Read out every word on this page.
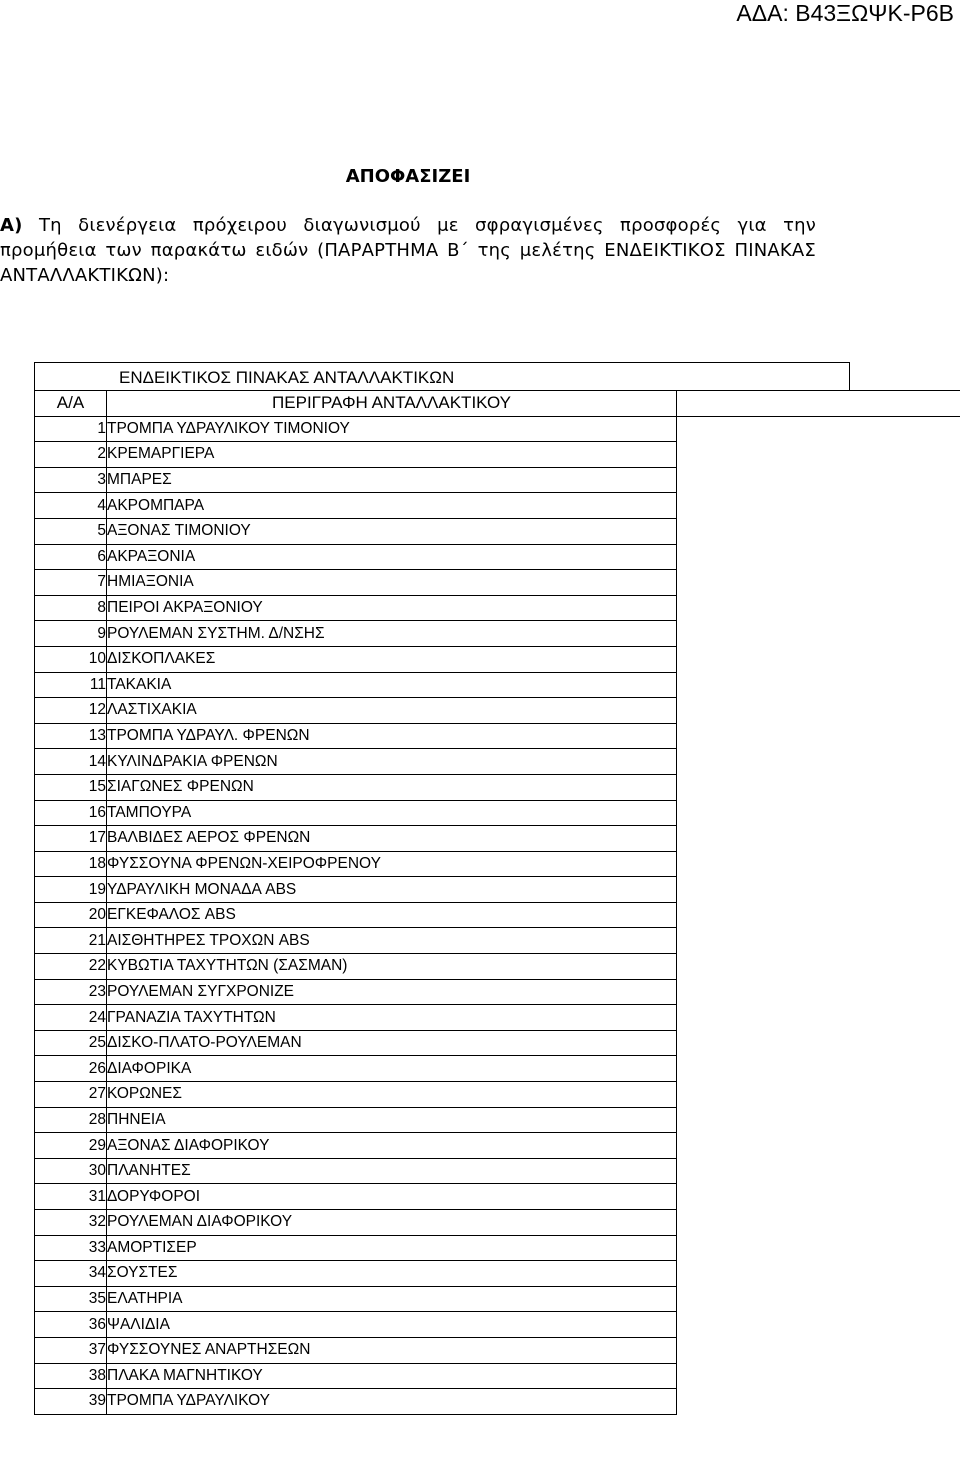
ΑΔΑ: Β43ΞΩΨΚ-Ρ6Β
ΑΠΟΦΑΣΙΖΕΙ
Α) Τη διενέργεια πρόχειρου διαγωνισμού με σφραγισμένες προσφορές για την προμήθεια των παρακάτω ειδών (ΠΑΡΑΡΤΗΜΑ Β΄ της μελέτης ΕΝΔΕΙΚΤΙΚΟΣ ΠΙΝΑΚΑΣ ΑΝΤΑΛΛΑΚΤΙΚΩΝ):
ΕΝΔΕΙΚΤΙΚΟΣ ΠΙΝΑΚΑΣ ΑΝΤΑΛΛΑΚΤΙΚΩΝ
Α/Α	ΠΕΡΙΓΡΑΦΗ ΑΝΤΑΛΛΑΚΤΙΚΟΥ	
1	ΤΡΟΜΠΑ ΥΔΡΑΥΛΙΚΟΥ ΤΙΜΟΝΙΟΥ	
2	ΚΡΕΜΑΡΓΙΕΡΑ	
3	ΜΠΑΡΕΣ	
4	ΑΚΡΟΜΠΑΡΑ	
5	ΑΞΟΝΑΣ ΤΙΜΟΝΙΟΥ	
6	ΑΚΡΑΞΟΝΙΑ	
7	ΗΜΙΑΞΟΝΙΑ	
8	ΠΕΙΡΟΙ ΑΚΡΑΞΟΝΙΟΥ	
9	ΡΟΥΛΕΜΑΝ ΣΥΣΤΗΜ. Δ/ΝΣΗΣ	
10	ΔΙΣΚΟΠΛΑΚΕΣ	
11	ΤΑΚΑΚΙΑ	
12	ΛΑΣΤΙΧΑΚΙΑ	
13	ΤΡΟΜΠΑ ΥΔΡΑΥΛ. ΦΡΕΝΩΝ	
14	ΚΥΛΙΝΔΡΑΚΙΑ ΦΡΕΝΩΝ	
15	ΣΙΑΓΩΝΕΣ ΦΡΕΝΩΝ	
16	ΤΑΜΠΟΥΡΑ	
17	ΒΑΛΒΙΔΕΣ ΑΕΡΟΣ ΦΡΕΝΩΝ	
18	ΦΥΣΣΟΥΝΑ ΦΡΕΝΩΝ-ΧΕΙΡΟΦΡΕΝΟΥ	
19	ΥΔΡΑΥΛΙΚΗ ΜΟΝΑΔΑ ABS	
20	ΕΓΚΕΦΑΛΟΣ ABS	
21	ΑΙΣΘΗΤΗΡΕΣ ΤΡΟΧΩΝ ABS	
22	ΚΥΒΩΤΙΑ ΤΑΧΥΤΗΤΩΝ (ΣΑΣΜΑΝ)	
23	ΡΟΥΛΕΜΑΝ ΣΥΓΧΡΟΝΙΖΕ	
24	ΓΡΑΝΑΖΙΑ ΤΑΧΥΤΗΤΩΝ	
25	ΔΙΣΚΟ-ΠΛΑΤΟ-ΡΟΥΛΕΜΑΝ	
26	ΔΙΑΦΟΡΙΚΑ	
27	ΚΟΡΩΝΕΣ	
28	ΠΗΝΕΙΑ	
29	ΑΞΟΝΑΣ ΔΙΑΦΟΡΙΚΟΥ	
30	ΠΛΑΝΗΤΕΣ	
31	ΔΟΡΥΦΟΡΟΙ	
32	ΡΟΥΛΕΜΑΝ ΔΙΑΦΟΡΙΚΟΥ	
33	ΑΜΟΡΤΙΣΕΡ	
34	ΣΟΥΣΤΕΣ	
35	ΕΛΑΤΗΡΙΑ	
36	ΨΑΛΙΔΙΑ	
37	ΦΥΣΣΟΥΝΕΣ ΑΝΑΡΤΗΣΕΩΝ	
38	ΠΛΑΚΑ ΜΑΓΝΗΤΙΚΟΥ	
39	ΤΡΟΜΠΑ ΥΔΡΑΥΛΙΚΟΥ	
